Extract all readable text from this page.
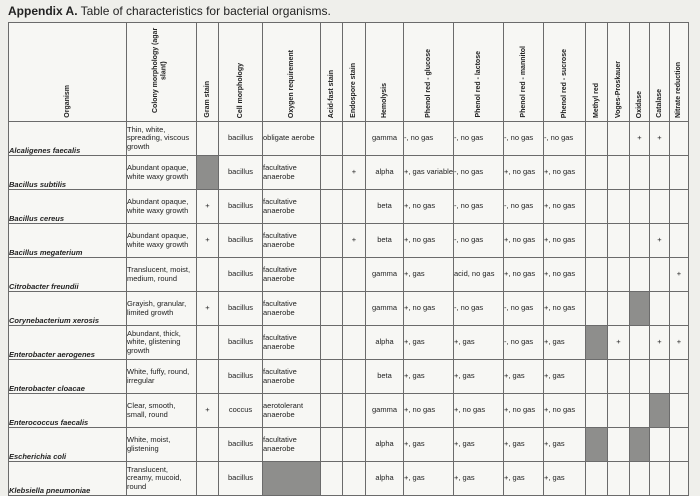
Appendix A. Table of characteristics for bacterial organisms.
Organism	Colony morphology (agar slant)	Gram stain	Cell morphology	Oxygen requirement	Acid-fast stain	Endospore stain	Hemolysis	Phenol red - glucose	Phenol red - lactose	Phenol red - mannitol	Phenol red - sucrose	Methyl red	Voges-Proskauer	Oxidase	Catalase	Nitrate reduction

Alcaligenes faecalis	Thin, white, spreading, viscous growth		bacillus	obligate aerobe			gamma	-, no gas	-, no gas	-, no gas	-, no gas			+	+	
Bacillus subtilis	Abundant opaque, white waxy growth		bacillus	facultative anaerobe		+	alpha	+, gas variable	-, no gas	+, no gas	+, no gas					
Bacillus cereus	Abundant opaque, white waxy growth	+	bacillus	facultative anaerobe			beta	+, no gas	-, no gas	-, no gas	+, no gas					
Bacillus megaterium	Abundant opaque, white waxy growth	+	bacillus	facultative anaerobe		+	beta	+, no gas	-, no gas	+, no gas	+, no gas				+	
Citrobacter freundii	Translucent, moist, medium, round		bacillus	facultative anaerobe			gamma	+, gas	acid, no gas	+, no gas	+, no gas					+
Corynebacterium xerosis	Grayish, granular, limited growth	+	bacillus	facultative anaerobe			gamma	+, no gas	-, no gas	-, no gas	+, no gas					
Enterobacter aerogenes	Abundant, thick, white, glistening growth		bacillus	facultative anaerobe			alpha	+, gas	+, gas	-, no gas	+, gas		+		+	+
Enterobacter cloacae	White, fuffy, round, irregular		bacillus	facultative anaerobe			beta	+, gas	+, gas	+, gas	+, gas					
Enterococcus faecalis	Clear, smooth, small, round	+	coccus	aerotolerant anaerobe			gamma	+, no gas	+, no gas	+, no gas	+, no gas					
Escherichia coli	White, moist, glistening		bacillus	facultative anaerobe			alpha	+, gas	+, gas	+, gas	+, gas					
Klebsiella pneumoniae	Translucent, creamy, mucoid, round		bacillus				alpha	+, gas	+, gas	+, gas	+, gas					
